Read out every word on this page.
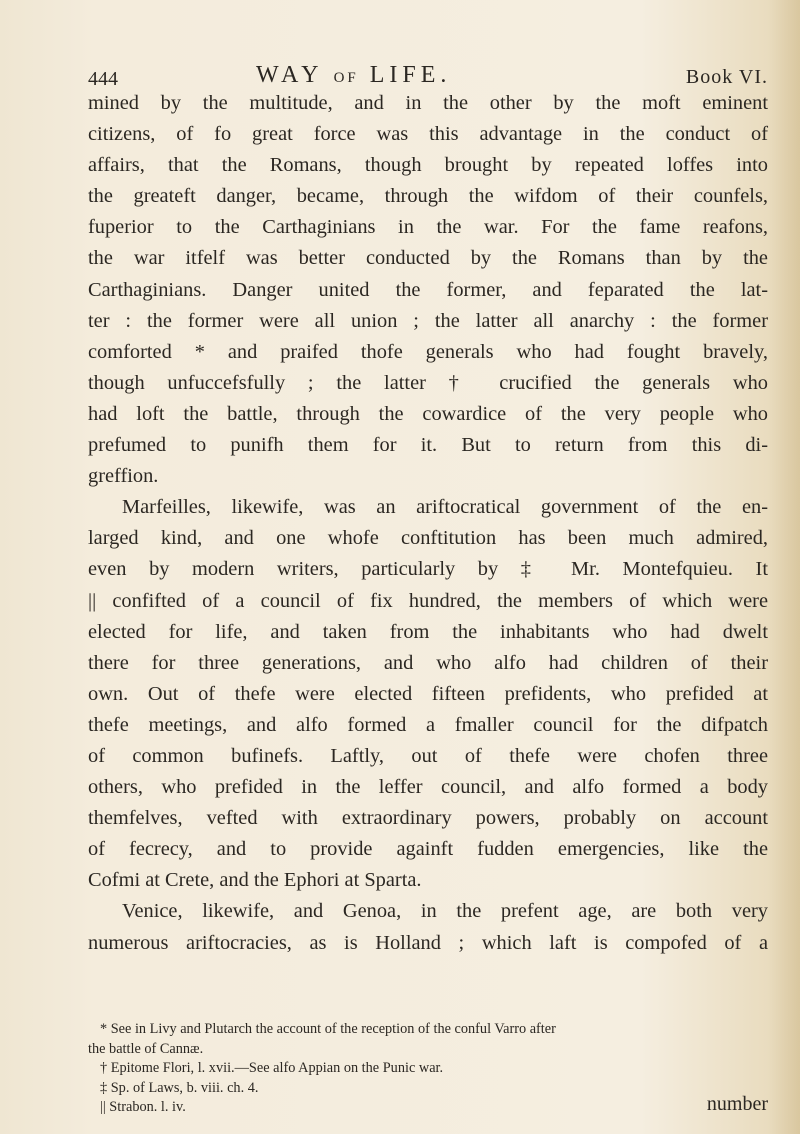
444	WAY OF LIFE.	Book VI.
mined by the multitude, and in the other by the moft eminent
citizens, of fo great force was this advantage in the conduct of
affairs, that the Romans, though brought by repeated loffes into
the greateft danger, became, through the wifdom of their counfels,
fuperior to the Carthaginians in the war. For the fame reafons,
the war itfelf was better conducted by the Romans than by the
Carthaginians. Danger united the former, and feparated the lat-
ter : the former were all union ; the latter all anarchy : the former
comforted * and praifed thofe generals who had fought bravely,
though unfuccefsfully ; the latter † crucified the generals who
had loft the battle, through the cowardice of the very people who
prefumed to punifh them for it. But to return from this di-
greffion.
Marfeilles, likewife, was an ariftocratical government of the en-
larged kind, and one whofe conftitution has been much admired,
even by modern writers, particularly by ‡ Mr. Montefquieu. It
|| confifted of a council of fix hundred, the members of which were
elected for life, and taken from the inhabitants who had dwelt
there for three generations, and who alfo had children of their
own. Out of thefe were elected fifteen prefidents, who prefided at
thefe meetings, and alfo formed a fmaller council for the difpatch
of common bufinefs. Laftly, out of thefe were chofen three
others, who prefided in the leffer council, and alfo formed a body
themfelves, vefted with extraordinary powers, probably on account
of fecrecy, and to provide againft fudden emergencies, like the
Cofmi at Crete, and the Ephori at Sparta.
Venice, likewife, and Genoa, in the prefent age, are both very
numerous ariftocracies, as is Holland ; which laft is compofed of a
* See in Livy and Plutarch the account of the reception of the conful Varro after
the battle of Cannæ.
† Epitome Flori, l. xvii.—See alfo Appian on the Punic war.
‡ Sp. of Laws, b. viii. ch. 4.
|| Strabon. l. iv.	number
